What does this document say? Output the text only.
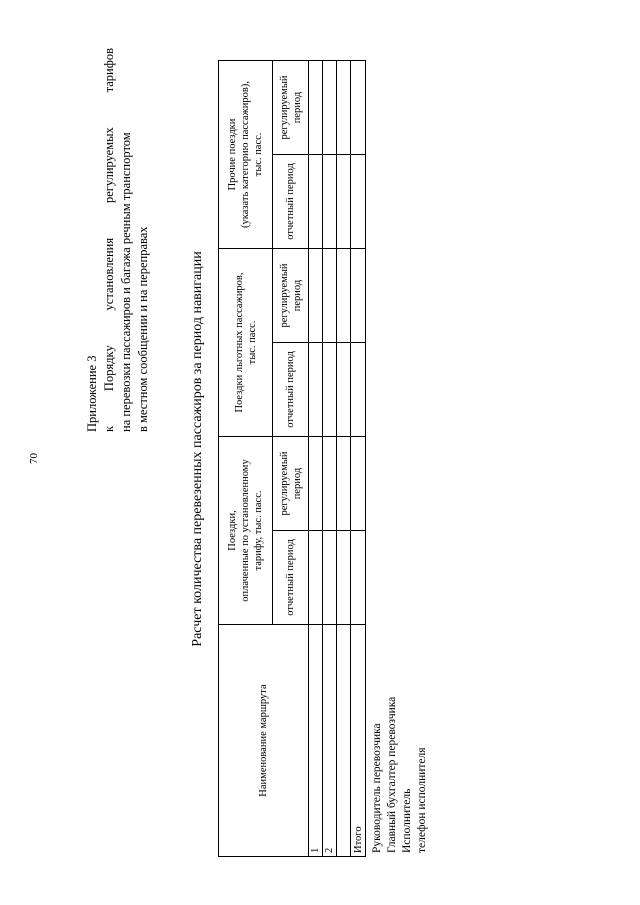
70
Приложение 3 к Порядку установления регулируемых тарифов на перевозки пассажиров и багажа речным транспортом в местном сообщении и на переправах	Расчет количества перевезенных пассажиров за период навигации
Наименование маршрута	Поездки, оплаченные по установленному тарифу, тыс. пасс.		Поездки льготных пассажиров, тыс. пасс.		Прочие поездки (указать категорию пассажиров), тыс. пасс.	

	отчетный период	регулируемый период	отчетный период	регулируемый период	отчетный период	регулируемый период

1						
2						

Итого						Руководитель перевозчика Главный бухгалтер перевозчика Исполнитель телефон исполнителя
